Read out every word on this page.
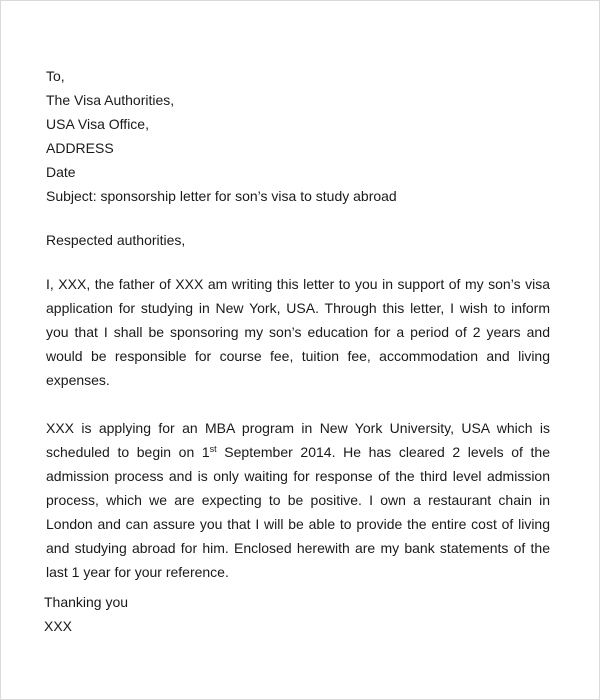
To,
The Visa Authorities,
USA Visa Office,
ADDRESS
Date
Subject: sponsorship letter for son’s visa to study abroad
Respected authorities,

I, XXX, the father of XXX am writing this letter to you in support of my son’s visa application for studying in New York, USA. Through this letter, I wish to inform you that I shall be sponsoring my son’s education for a period of 2 years and would be responsible for course fee, tuition fee, accommodation and living expenses.

XXX is applying for an MBA program in New York University, USA which is scheduled to begin on 1st September 2014. He has cleared 2 levels of the admission process and is only waiting for response of the third level admission process, which we are expecting to be positive. I own a restaurant chain in London and can assure you that I will be able to provide the entire cost of living and studying abroad for him. Enclosed herewith are my bank statements of the last 1 year for your reference.

Thanking you
XXX
